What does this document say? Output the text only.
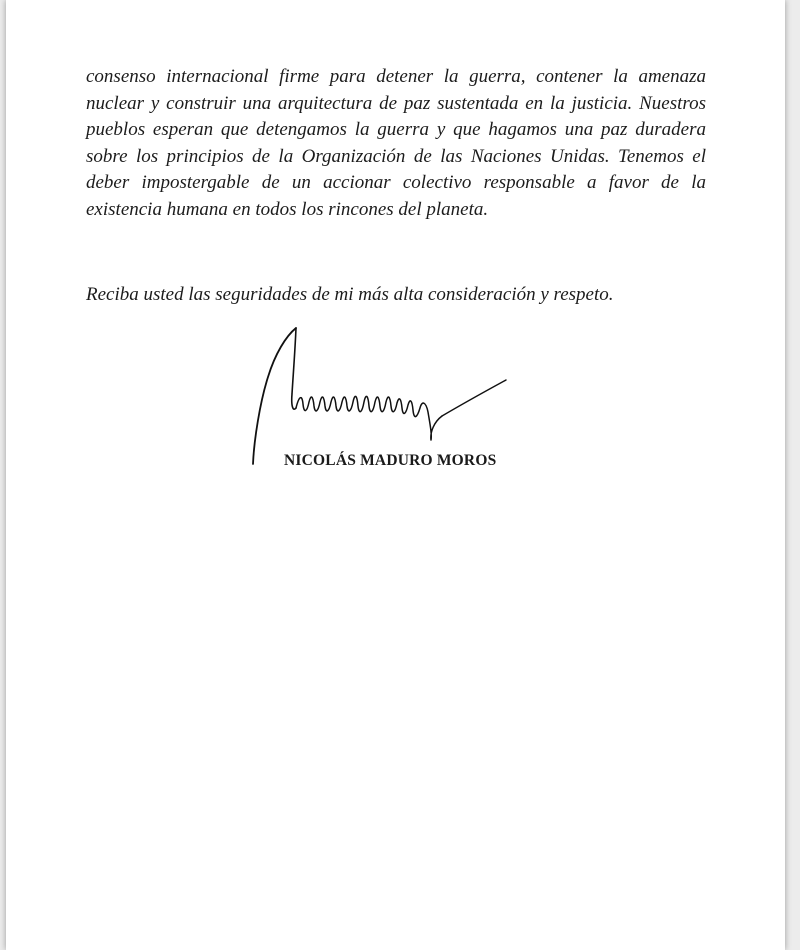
consenso internacional firme para detener la guerra, contener la amenaza nuclear y construir una arquitectura de paz sustentada en la justicia. Nuestros pueblos esperan que detengamos la guerra y que hagamos una paz duradera sobre los principios de la Organización de las Naciones Unidas. Tenemos el deber impostergable de un accionar colectivo responsable a favor de la existencia humana en todos los rincones del planeta.

Reciba usted las seguridades de mi más alta consideración y respeto.

NICOLÁS MADURO MOROS
